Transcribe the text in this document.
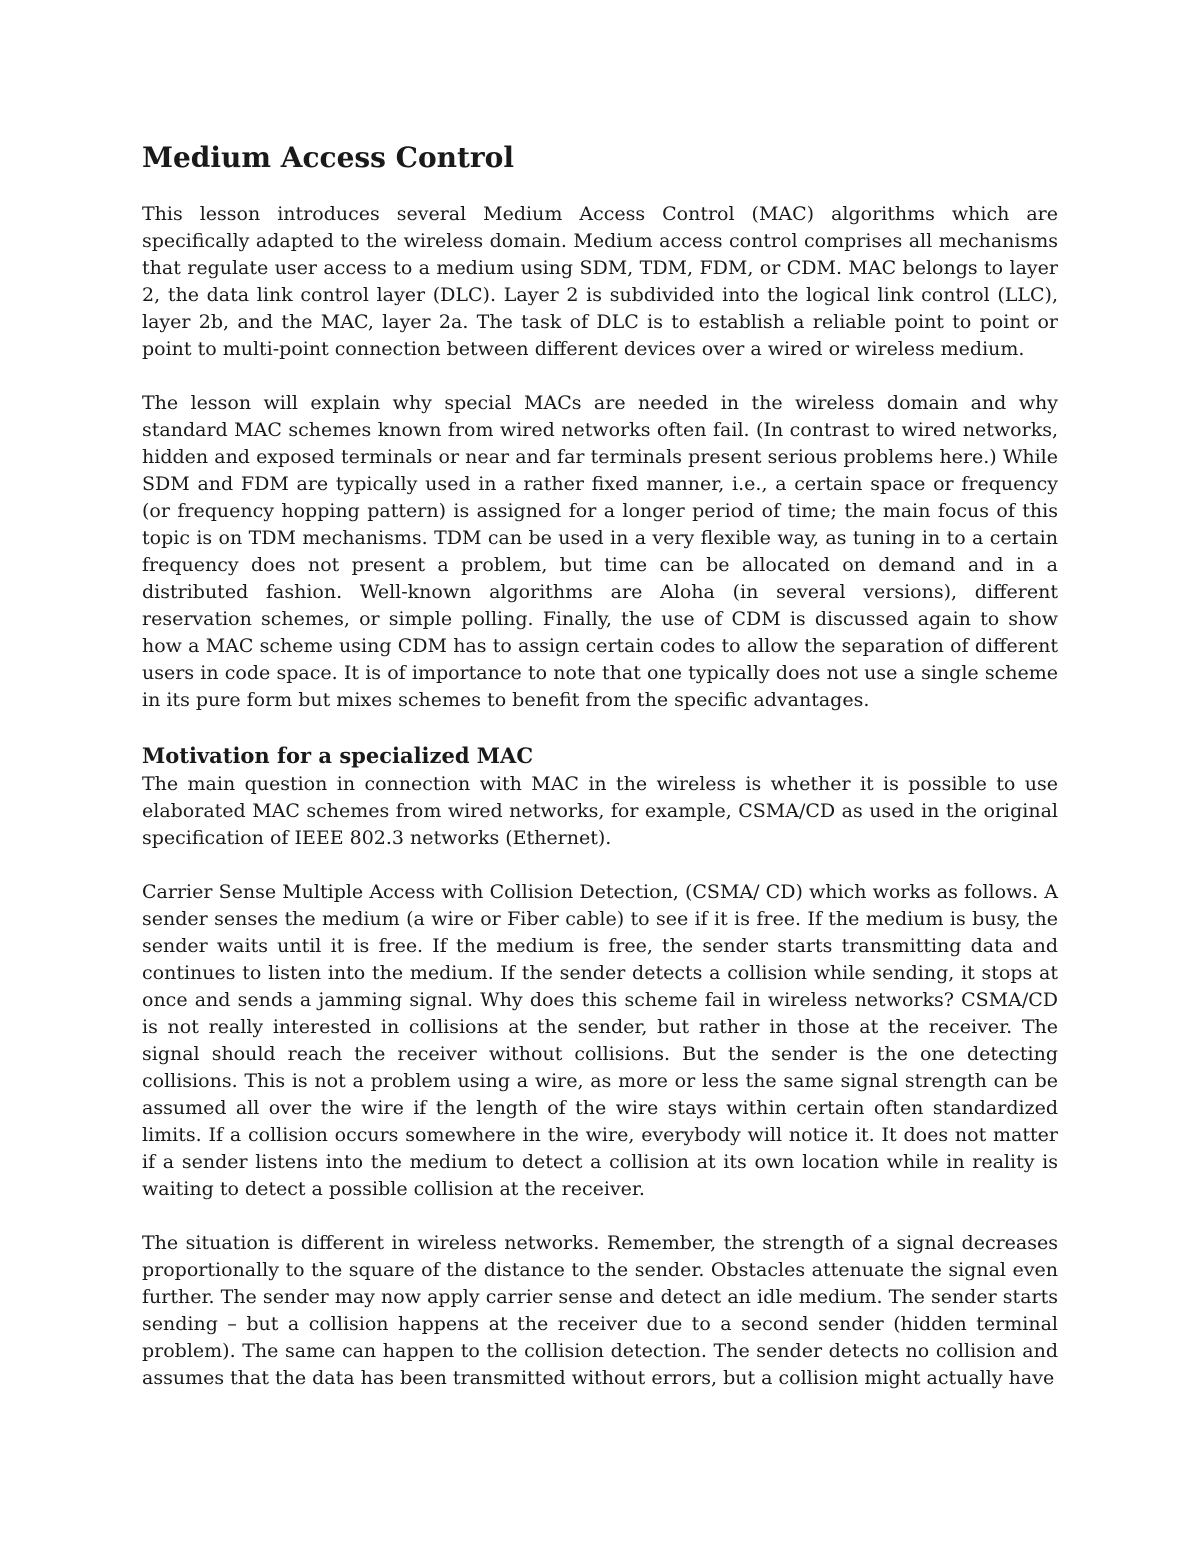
Medium Access Control

This lesson introduces several Medium Access Control (MAC) algorithms which are specifically adapted to the wireless domain. Medium access control comprises all mechanisms that regulate user access to a medium using SDM, TDM, FDM, or CDM. MAC belongs to layer 2, the data link control layer (DLC). Layer 2 is subdivided into the logical link control (LLC), layer 2b, and the MAC, layer 2a. The task of DLC is to establish a reliable point to point or point to multi-point connection between different devices over a wired or wireless medium.

The lesson will explain why special MACs are needed in the wireless domain and why standard MAC schemes known from wired networks often fail. (In contrast to wired networks, hidden and exposed terminals or near and far terminals present serious problems here.) While SDM and FDM are typically used in a rather fixed manner, i.e., a certain space or frequency (or frequency hopping pattern) is assigned for a longer period of time; the main focus of this topic is on TDM mechanisms. TDM can be used in a very flexible way, as tuning in to a certain frequency does not present a problem, but time can be allocated on demand and in a distributed fashion. Well-known algorithms are Aloha (in several versions), different reservation schemes, or simple polling. Finally, the use of CDM is discussed again to show how a MAC scheme using CDM has to assign certain codes to allow the separation of different users in code space. It is of importance to note that one typically does not use a single scheme in its pure form but mixes schemes to benefit from the specific advantages.

Motivation for a specialized MAC

The main question in connection with MAC in the wireless is whether it is possible to use elaborated MAC schemes from wired networks, for example, CSMA/CD as used in the original specification of IEEE 802.3 networks (Ethernet).

Carrier Sense Multiple Access with Collision Detection, (CSMA/ CD) which works as follows. A sender senses the medium (a wire or Fiber cable) to see if it is free. If the medium is busy, the sender waits until it is free. If the medium is free, the sender starts transmitting data and continues to listen into the medium. If the sender detects a collision while sending, it stops at once and sends a jamming signal. Why does this scheme fail in wireless networks? CSMA/CD is not really interested in collisions at the sender, but rather in those at the receiver. The signal should reach the receiver without collisions. But the sender is the one detecting collisions. This is not a problem using a wire, as more or less the same signal strength can be assumed all over the wire if the length of the wire stays within certain often standardized limits. If a collision occurs somewhere in the wire, everybody will notice it. It does not matter if a sender listens into the medium to detect a collision at its own location while in reality is waiting to detect a possible collision at the receiver.

The situation is different in wireless networks. Remember, the strength of a signal decreases proportionally to the square of the distance to the sender. Obstacles attenuate the signal even further. The sender may now apply carrier sense and detect an idle medium. The sender starts sending – but a collision happens at the receiver due to a second sender (hidden terminal problem). The same can happen to the collision detection. The sender detects no collision and assumes that the data has been transmitted without errors, but a collision might actually have
